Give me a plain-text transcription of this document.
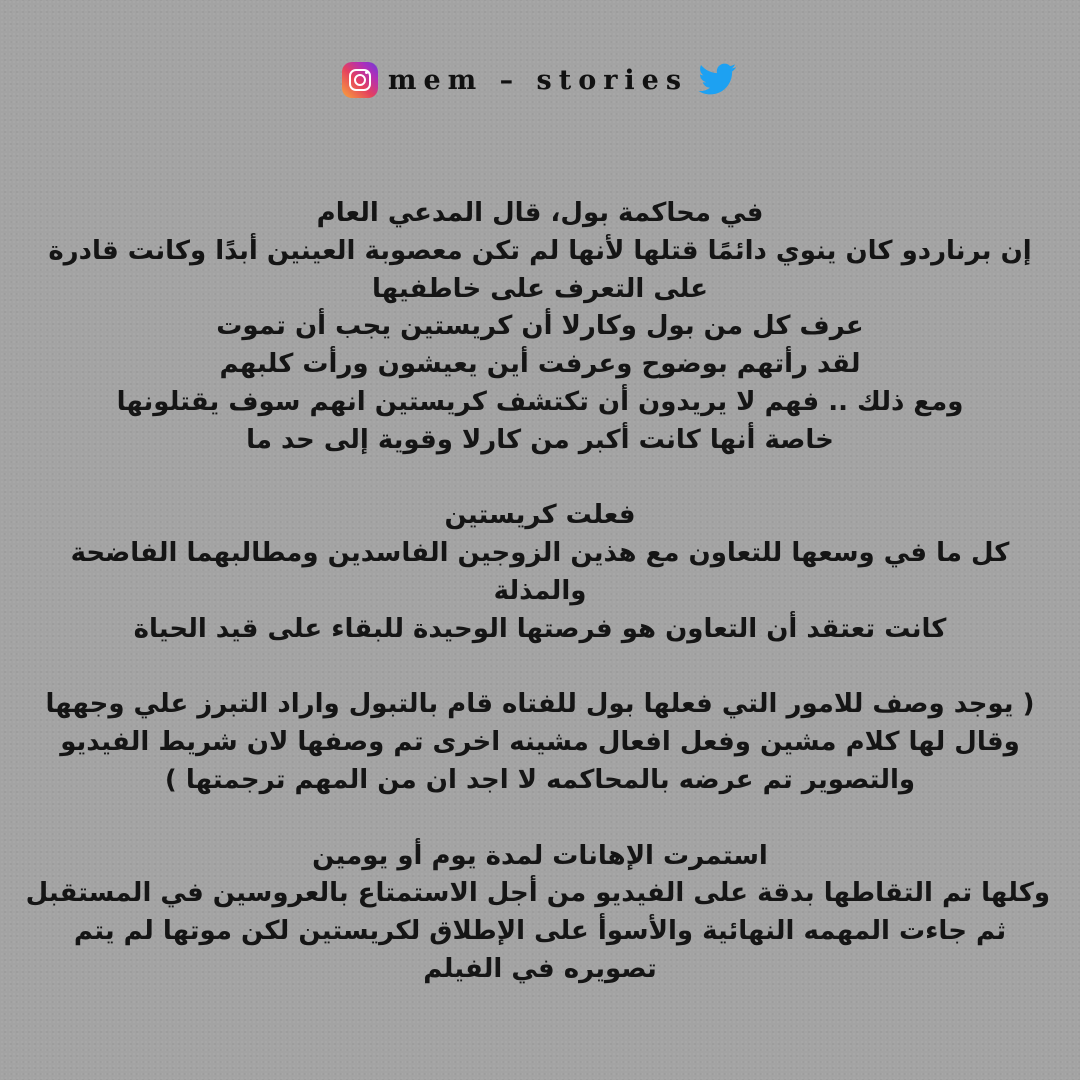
mem – stories
في محاكمة بول، قال المدعي العام
إن برناردو كان ينوي دائمًا قتلها لأنها لم تكن معصوبة العينين أبدًا وكانت قادرة
على التعرف على خاطفيها
عرف كل من بول وكارلا أن كريستين يجب أن تموت
لقد رأتهم بوضوح وعرفت أين يعيشون ورأت كلبهم
ومع ذلك .. فهم لا يريدون أن تكتشف كريستين انهم سوف يقتلونها
خاصة أنها كانت أكبر من كارلا وقوية إلى حد ما
فعلت كريستين
كل ما في وسعها للتعاون مع هذين الزوجين الفاسدين ومطالبهما الفاضحة
والمذلة
كانت تعتقد أن التعاون هو فرصتها الوحيدة للبقاء على قيد الحياة
( يوجد وصف للامور التي فعلها بول للفتاه قام بالتبول واراد التبرز علي وجهها
وقال لها كلام مشين وفعل افعال مشينه اخرى تم وصفها لان شريط الفيديو
والتصوير تم عرضه بالمحاكمه لا اجد ان من المهم ترجمتها )
استمرت الإهانات لمدة يوم أو يومين
وكلها تم التقاطها بدقة على الفيديو من أجل الاستمتاع بالعروسين في المستقبل
ثم جاءت المهمه النهائية والأسوأ على الإطلاق لكريستين لكن موتها لم يتم
تصويره في الفيلم
